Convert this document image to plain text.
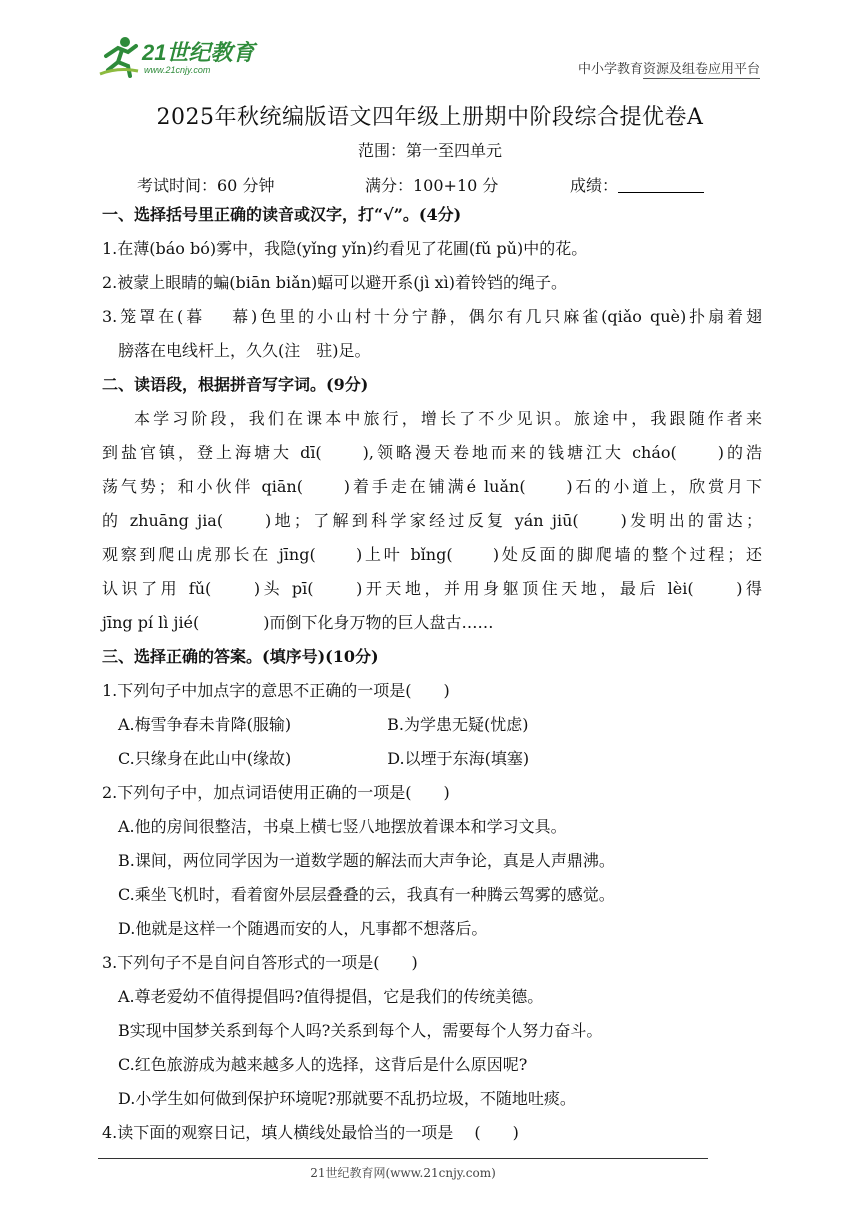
21世纪教育
www.21cnjy.com	中小学教育资源及组卷应用平台
2025年秋统编版语文四年级上册期中阶段综合提优卷A
范围：第一至四单元
考试时间：60 分钟	满分：100+10 分	成绩：
一、选择括号里正确的读音或汉字，打“√”。(4分)
1.在薄(báo bó)雾中，我隐(yǐng yǐn)约看见了花圃(fǔ pǔ)中的花。
2.被蒙上眼睛的蝙(biān biǎn)蝠可以避开系(jì xì)着铃铛的绳子。
3.笼罩在(暮　 幕)色里的小山村十分宁静，偶尔有几只麻雀(qiǎo què)扑扇着翅
膀落在电线杆上，久久(注　驻)足。
二、读语段，根据拼音写字词。(9分)
本学习阶段，我们在课本中旅行，增长了不少见识。旅途中，我跟随作者来
到盐官镇，登上海塘大 dī(　　),领略漫天卷地而来的钱塘江大 cháo(　　)的浩
荡气势；和小伙伴 qiān(　　)着手走在铺满é luǎn(　　)石的小道上，欣赏月下
的 zhuāng jia(　　)地；了解到科学家经过反复 yán jiū(　　)发明出的雷达；
观察到爬山虎那长在 jīng(　　)上叶 bǐng(　　)处反面的脚爬墙的整个过程；还
认识了用 fǔ(　　)头 pī(　　)开天地，并用身躯顶住天地，最后 lèi(　　)得
jīng pí lì jié(　　　　)而倒下化身万物的巨人盘古……
三、选择正确的答案。(填序号)(10分)
1.下列句子中加点字的意思不正确的一项是(　　)
A.梅雪争春未肯降(服输)　　　　　　B.为学患无疑(忧虑)
C.只缘身在此山中(缘故)　　　　　　D.以堙于东海(填塞)
2.下列句子中，加点词语使用正确的一项是(　　)
A.他的房间很整洁，书桌上横七竖八地摆放着课本和学习文具。
B.课间，两位同学因为一道数学题的解法而大声争论，真是人声鼎沸。
C.乘坐飞机时，看着窗外层层叠叠的云，我真有一种腾云驾雾的感觉。
D.他就是这样一个随遇而安的人，凡事都不想落后。
3.下列句子不是自问自答形式的一项是(　　)
A.尊老爱幼不值得提倡吗?值得提倡，它是我们的传统美德。
B实现中国梦关系到每个人吗?关系到每个人，需要每个人努力奋斗。
C.红色旅游成为越来越多人的选择，这背后是什么原因呢?
D.小学生如何做到保护环境呢?那就要不乱扔垃圾，不随地吐痰。
4.读下面的观察日记，填人横线处最恰当的一项是　 (　　)
21世纪教育网(www.21cnjy.com)
